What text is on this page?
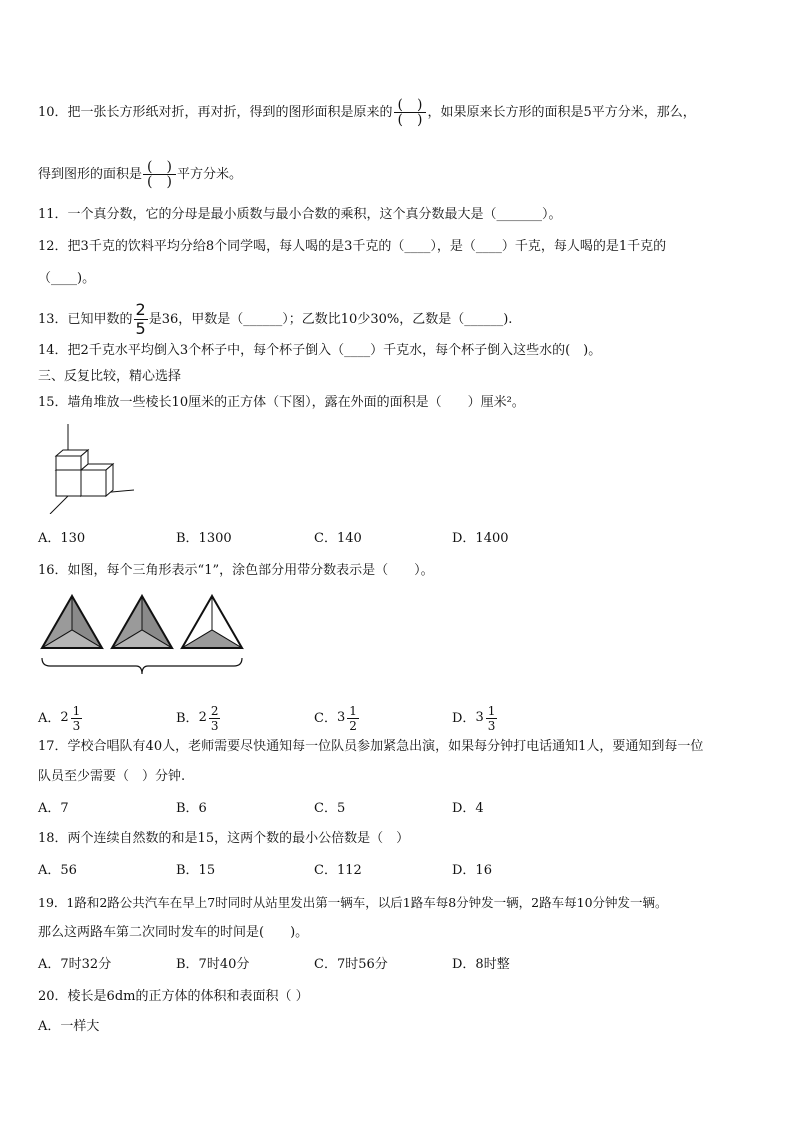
10．把一张长方形纸对折，再对折，得到的图形面积是原来的 $\frac{( )}{( )}$ ，如果原来长方形的面积是5平方分米，那么，
得到图形的面积是 $\frac{( )}{( )}$ 平方分米。
11．一个真分数，它的分母是最小质数与最小合数的乘积，这个真分数最大是（_______）。
12．把3千克的饮料平均分给8个同学喝，每人喝的是3千克的（____），是（____）千克，每人喝的是1千克的
（____)。
13．已知甲数的 $\frac{2}{5}$ 是36，甲数是（______）；乙数比10少30%，乙数是（______).
14．把2千克水平均倒入3个杯子中，每个杯子倒入（____）千克水，每个杯子倒入这些水的(　)。
三、反复比较，精心选择
15．墙角堆放一些棱长10厘米的正方体（下图），露在外面的面积是（　　）厘米²。
A．130	B．1300	C．140	D．1400
16．如图，每个三角形表示“1”，涂色部分用带分数表示是（　　）。
A．$2 \frac{1}{3}$	B．$2 \frac{2}{3}$	C．$3 \frac{1}{2}$	D．$3 \frac{1}{3}$
17．学校合唱队有40人，老师需要尽快通知每一位队员参加紧急出演，如果每分钟打电话通知1人，要通知到每一位
队员至少需要（　）分钟.
A．7	B．6	C．5	D．4
18．两个连续自然数的和是15，这两个数的最小公倍数是（　）
A．56	B．15	C．112	D．16
19．1路和2路公共汽车在早上7时同时从站里发出第一辆车，以后1路车每8分钟发一辆，2路车每10分钟发一辆。
那么这两路车第二次同时发车的时间是(　　)。
A．7时32分	B．7时40分	C．7时56分	D．8时整
20．棱长是6dm的正方体的体积和表面积（ ）
A．一样大
